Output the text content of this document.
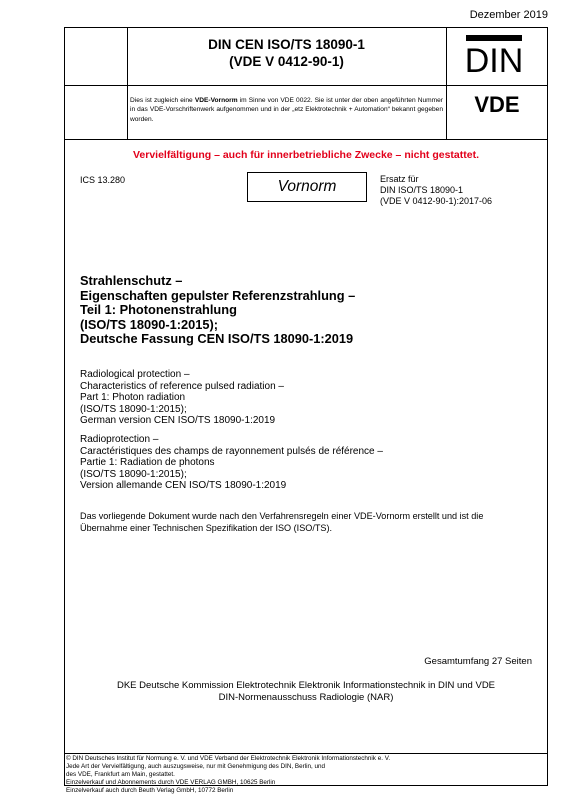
Dezember 2019
DIN CEN ISO/TS 18090-1
(VDE V 0412-90-1)	DIN
VDE
Dies ist zugleich eine VDE-Vornorm im Sinne von VDE 0022. Sie ist unter der oben angeführten Nummer in das VDE-Vorschriftenwerk aufgenommen und in der „etz Elektrotechnik + Automation“ bekannt gegeben worden.
Vervielfältigung – auch für innerbetriebliche Zwecke – nicht gestattet.
ICS 13.280	Vornorm	Ersatz für
DIN ISO/TS 18090-1
(VDE V 0412-90-1):2017-06
Strahlenschutz –
Eigenschaften gepulster Referenzstrahlung –
Teil 1: Photonenstrahlung
(ISO/TS 18090-1:2015);
Deutsche Fassung CEN ISO/TS 18090-1:2019
Radiological protection –
Characteristics of reference pulsed radiation –
Part 1: Photon radiation
(ISO/TS 18090-1:2015);
German version CEN ISO/TS 18090-1:2019
Radioprotection –
Caractéristiques des champs de rayonnement pulsés de référence –
Partie 1: Radiation de photons
(ISO/TS 18090-1:2015);
Version allemande CEN ISO/TS 18090-1:2019
Das vorliegende Dokument wurde nach den Verfahrensregeln einer VDE-Vornorm erstellt und ist die Übernahme einer Technischen Spezifikation der ISO (ISO/TS).
Gesamtumfang 27 Seiten
DKE Deutsche Kommission Elektrotechnik Elektronik Informationstechnik in DIN und VDE
DIN-Normenausschuss Radiologie (NAR)
© DIN Deutsches Institut für Normung e. V. und VDE Verband der Elektrotechnik Elektronik Informationstechnik e. V.
Jede Art der Vervielfältigung, auch auszugsweise, nur mit Genehmigung des DIN, Berlin, und
des VDE, Frankfurt am Main, gestattet.
Einzelverkauf und Abonnements durch VDE VERLAG GMBH, 10625 Berlin
Einzelverkauf auch durch Beuth Verlag GmbH, 10772 Berlin
